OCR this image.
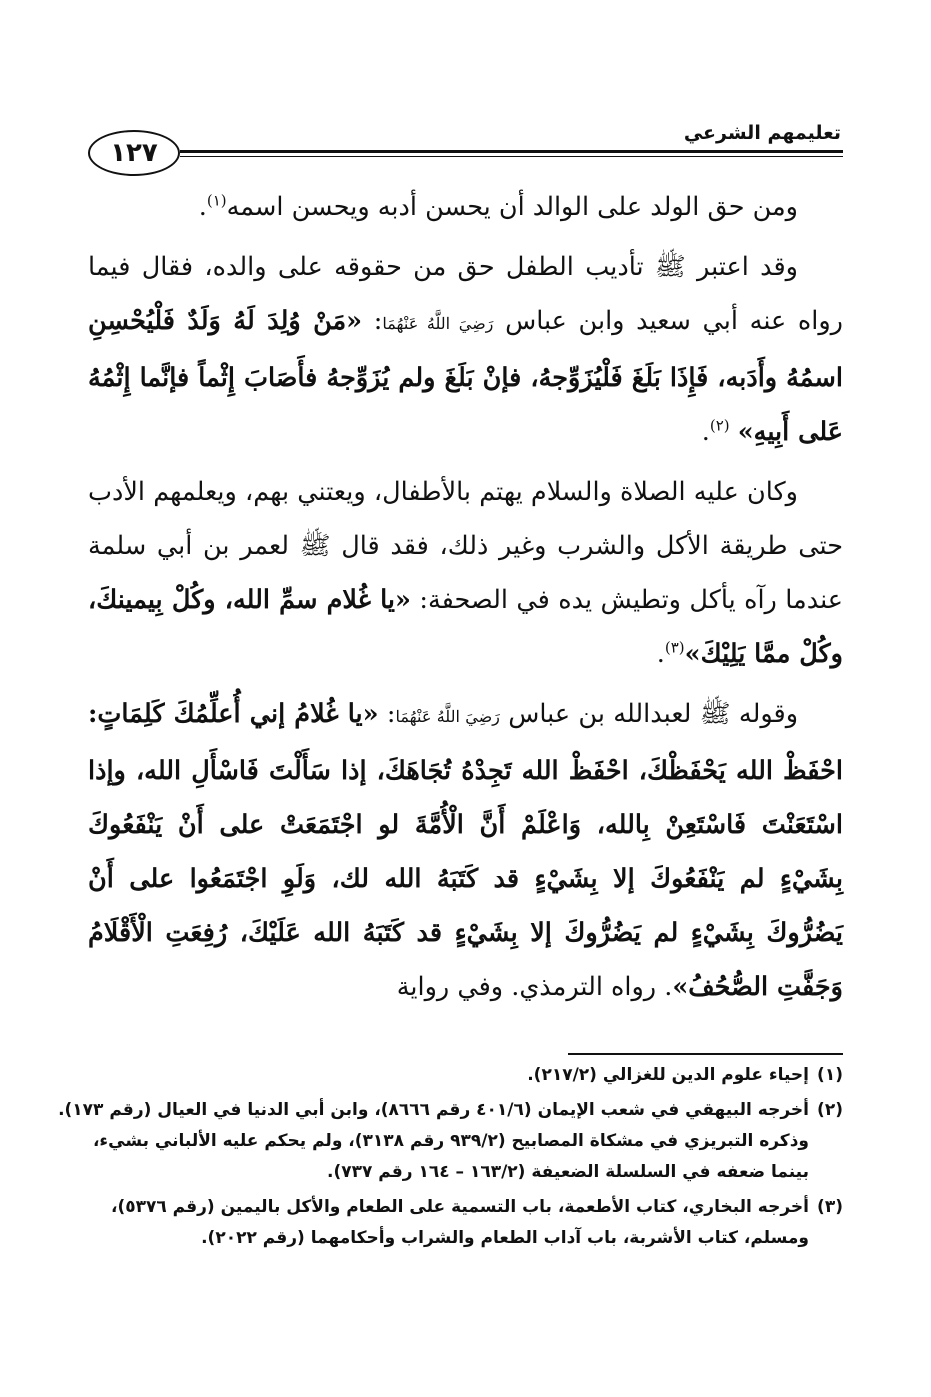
تعليمهم الشرعي
١٢٧

ومن حق الولد على الوالد أن يحسن أدبه ويحسن اسمه$^{(١)}$.

وقد اعتبر ﷺ تأديب الطفل حق من حقوقه على والده، فقال فيما رواه عنه أبي سعيد وابن عباس رَضِيَ اللَّهُ عَنْهُمَا: «مَنْ وُلِدَ لَهُ وَلَدٌ فَلْيُحْسِنِ اسمُهُ وأَدَبه، فَإِذَا بَلَغَ فَلْيُزَوِّجهُ، فإنْ بَلَغَ ولم يُزَوِّجهُ فأَصَابَ إِثْماً فإنَّما إِثْمُهُ عَلى أَبِيهِ» $^{(٢)}$.

وكان عليه الصلاة والسلام يهتم بالأطفال، ويعتني بهم، ويعلمهم الأدب حتى طريقة الأكل والشرب وغير ذلك، فقد قال ﷺ لعمر بن أبي سلمة عندما رآه يأكل وتطيش يده في الصحفة: «يا غُلام سمِّ الله، وكُلْ بِيمينكَ، وكُلْ ممَّا يَلِيْكَ»$^{(٣)}$.

وقوله ﷺ لعبدالله بن عباس رَضِيَ اللَّهُ عَنْهُمَا: «يا غُلامُ إني أُعلِّمُكَ كَلِمَاتٍ: احْفَظْ الله يَحْفَظْكَ، احْفَظْ الله تَجِدْهُ تُجَاهَكَ، إذا سَأَلْتَ فَاسْأَلِ الله، وإذا اسْتَعَنْتَ فَاسْتَعِنْ بِالله، وَاعْلَمْ أَنَّ الْأُمَّةَ لو اجْتَمَعَتْ على أَنْ يَنْفَعُوكَ بِشَيْءٍ لم يَنْفَعُوكَ إلا بِشَيْءٍ قد كَتَبَهُ الله لك، وَلَوِ اجْتَمَعُوا على أَنْ يَضُرُّوكَ بِشَيْءٍ لم يَضُرُّوكَ إلا بِشَيْءٍ قد كَتَبَهُ الله عَلَيْكَ، رُفِعَتِ الْأَقْلَامُ وَجَفَّتِ الصُّحُفُ». رواه الترمذي. وفي رواية

(١)
إحياء علوم الدين للغزالي (٢١٧/٢).
(٢)
أخرجه البيهقي في شعب الإيمان (٤٠١/٦ رقم ٨٦٦٦)، وابن أبي الدنيا في العيال (رقم ١٧٣).
وذكره التبريزي في مشكاة المصابيح (٩٣٩/٢ رقم ٣١٣٨)، ولم يحكم عليه الألباني بشيء،
بينما ضعفه في السلسلة الضعيفة (١٦٣/٢ – ١٦٤ رقم ٧٣٧).
(٣)
أخرجه البخاري، كتاب الأطعمة، باب التسمية على الطعام والأكل باليمين (رقم ٥٣٧٦)،
ومسلم، كتاب الأشربة، باب آداب الطعام والشراب وأحكامهما (رقم ٢٠٢٢).
